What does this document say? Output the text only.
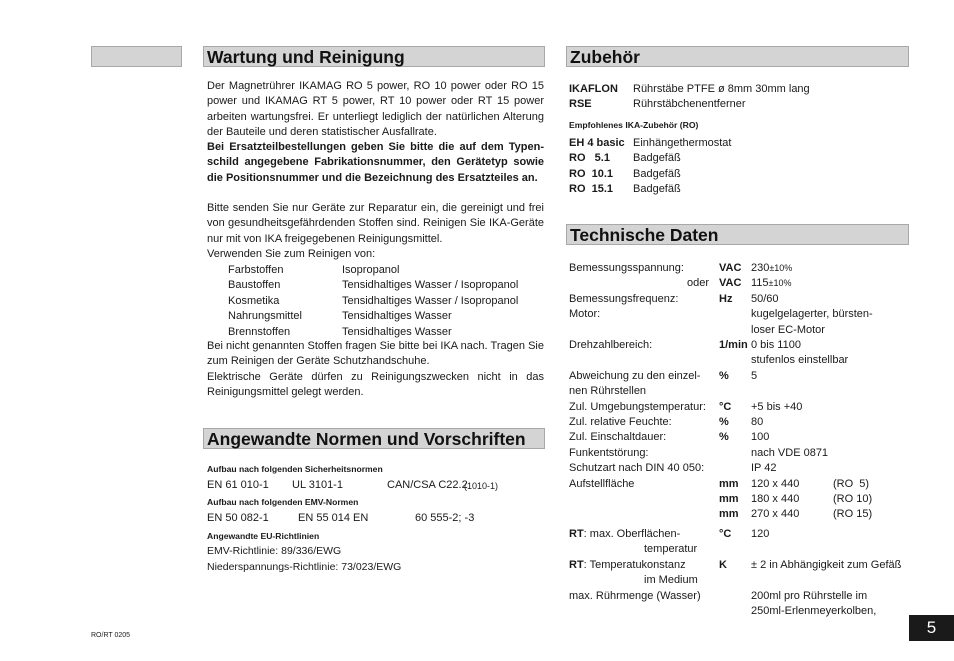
Wartung und Reinigung
Der Magnetrührer IKAMAG RO 5 power, RO 10 power oder RO 15 power und IKAMAG RT 5 power, RT 10 power oder RT 15 power arbeiten wartungsfrei. Er unterliegt lediglich der natürlichen Alterung der Bauteile und deren statistischer Ausfallrate.
Bei Ersatzteilbestellungen geben Sie bitte die auf dem Typen-schild angegebene Fabrikationsnummer, den Gerätetyp sowie die Positionsnummer und die Bezeichnung des Ersatzteiles an.
Bitte senden Sie nur Geräte zur Reparatur ein, die gereinigt und frei von gesundheitsgefährdenden Stoffen sind. Reinigen Sie IKA-Geräte nur mit von IKA freigegebenen Reinigungsmittel.
Verwenden Sie zum Reinigen von:
Farbstoffen	Isopropanol
Baustoffen	Tensidhaltiges Wasser / Isopropanol
Kosmetika	Tensidhaltiges Wasser / Isopropanol
Nahrungsmittel	Tensidhaltiges Wasser
Brennstoffen	Tensidhaltiges Wasser
Bei nicht genannten Stoffen fragen Sie bitte bei IKA nach. Tragen Sie zum Reinigen der Geräte Schutzhandschuhe.
Elektrische Geräte dürfen zu Reinigungszwecken nicht in das Reinigungsmittel gelegt werden.
Angewandte Normen und Vorschriften
Aufbau nach folgenden Sicherheitsnormen
EN 61 010-1 UL 3101-1	CAN/CSA C22.2
(1010-1)
Aufbau nach folgenden EMV-Normen
EN 50 082-1	EN 55 014 EN	60 555-2; -3
Angewandte EU-Richtlinien
EMV-Richtlinie: 89/336/EWG
Niederspannungs-Richtlinie: 73/023/EWG
RO/RT 0205
Zubehör
IKAFLON Rührstäbe PTFE ø 8mm 30mm lang
RSE	Rührstäbchenentferner
Empfohlenes IKA-Zubehör (RO)
EH 4 basic Einhängethermostat
RO   5.1 Badgefäß
RO  10.1 Badgefäß
RO  15.1 Badgefäß
Technische Daten
Bemessungsspannung:	VAC 230±10%
oder VAC 115±10%
Bemessungsfrequenz:	Hz 50/60
Motor:	kugelgelagerter, bürsten-
loser EC-Motor
Drehzahlbereich:	1/min 0 bis 1100
stufenlos einstellbar
Abweichung zu den einzel- % 5
nen Rührstellen
Zul. Umgebungstemperatur: °C +5 bis +40
Zul. relative Feuchte:	% 80
Zul. Einschaltdauer:	% 100
Funkentstörung:	nach VDE 0871
Schutzart nach DIN 40 050:	IP 42
Aufstellfläche	mm 120 x 440	(RO  5)
mm 180 x 440	(RO 10)
mm 270 x 440	(RO 15)
RT: max. Oberflächen-	°C 120
temperatur
RT: Temperatukonstanz	K ± 2 in Abhängigkeit zum Gefäß
im Medium
max. Rührmenge (Wasser)	200ml pro Rührstelle im
250ml-Erlenmeyerkolben,
5
